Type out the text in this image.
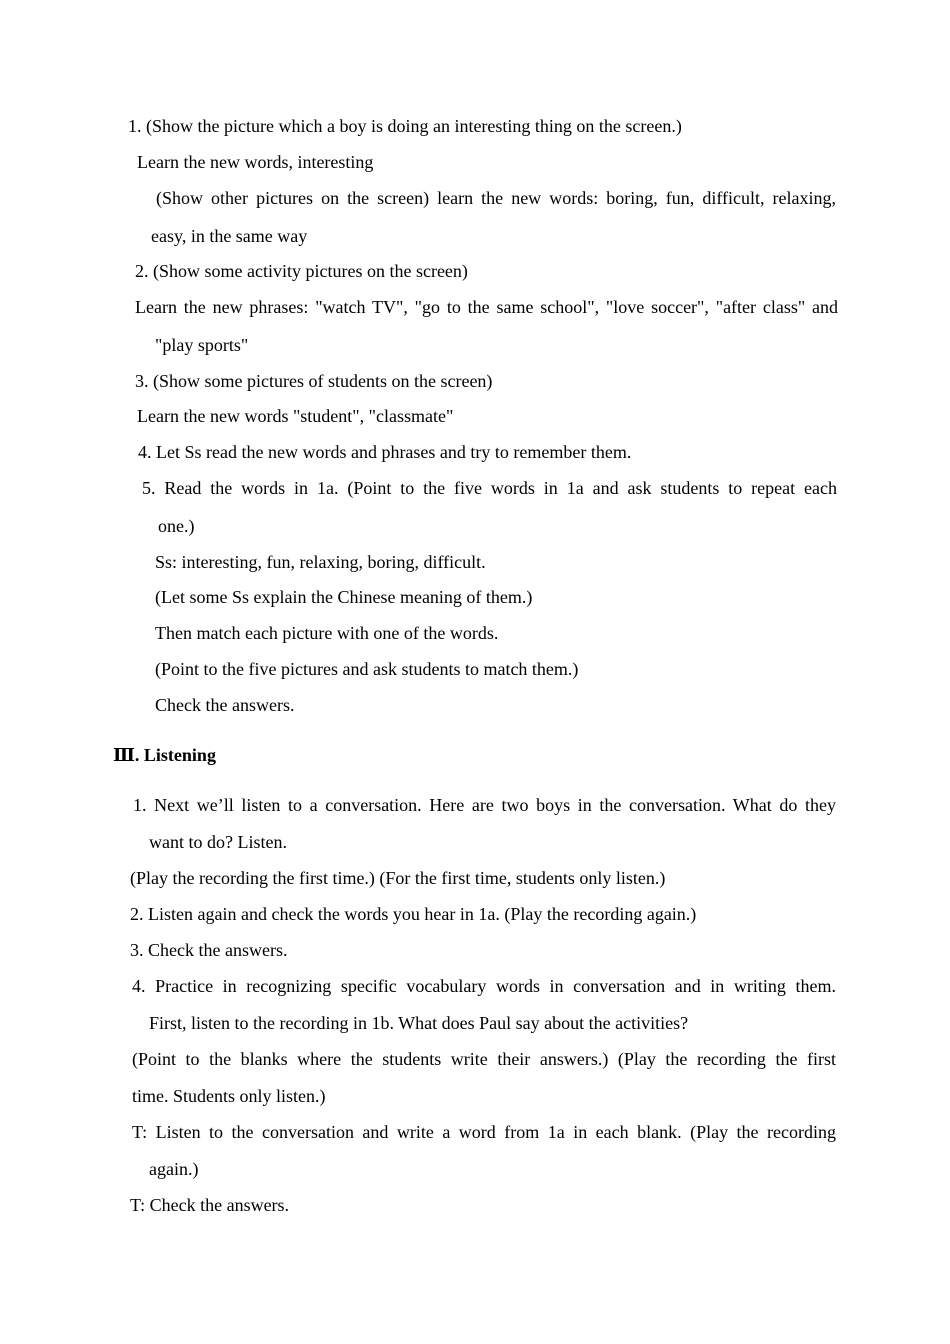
1. (Show the picture which a boy is doing an interesting thing on the screen.)
Learn the new words, interesting
(Show other pictures on the screen) learn the new words: boring, fun, difficult, relaxing,
easy, in the same way
2. (Show some activity pictures on the screen)
Learn the new phrases: "watch TV", "go to the same school", "love soccer", "after class" and
"play sports"
3. (Show some pictures of students on the screen)
Learn the new words "student", "classmate"
4. Let Ss read the new words and phrases and try to remember them.
5. Read the words in 1a. (Point to the five words in 1a and ask students to repeat each
one.)
Ss: interesting, fun, relaxing, boring, difficult.
(Let some Ss explain the Chinese meaning of them.)
Then match each picture with one of the words.
(Point to the five pictures and ask students to match them.)
Check the answers.
Ⅲ. Listening
1. Next we’ll listen to a conversation. Here are two boys in the conversation. What do they
want to do? Listen.
(Play the recording the first time.) (For the first time, students only listen.)
2. Listen again and check the words you hear in 1a. (Play the recording again.)
3. Check the answers.
4. Practice in recognizing specific vocabulary words in conversation and in writing them.
First, listen to the recording in 1b. What does Paul say about the activities?
(Point to the blanks where the students write their answers.) (Play the recording the first
time. Students only listen.)
T: Listen to the conversation and write a word from 1a in each blank. (Play the recording
again.)
T: Check the answers.
